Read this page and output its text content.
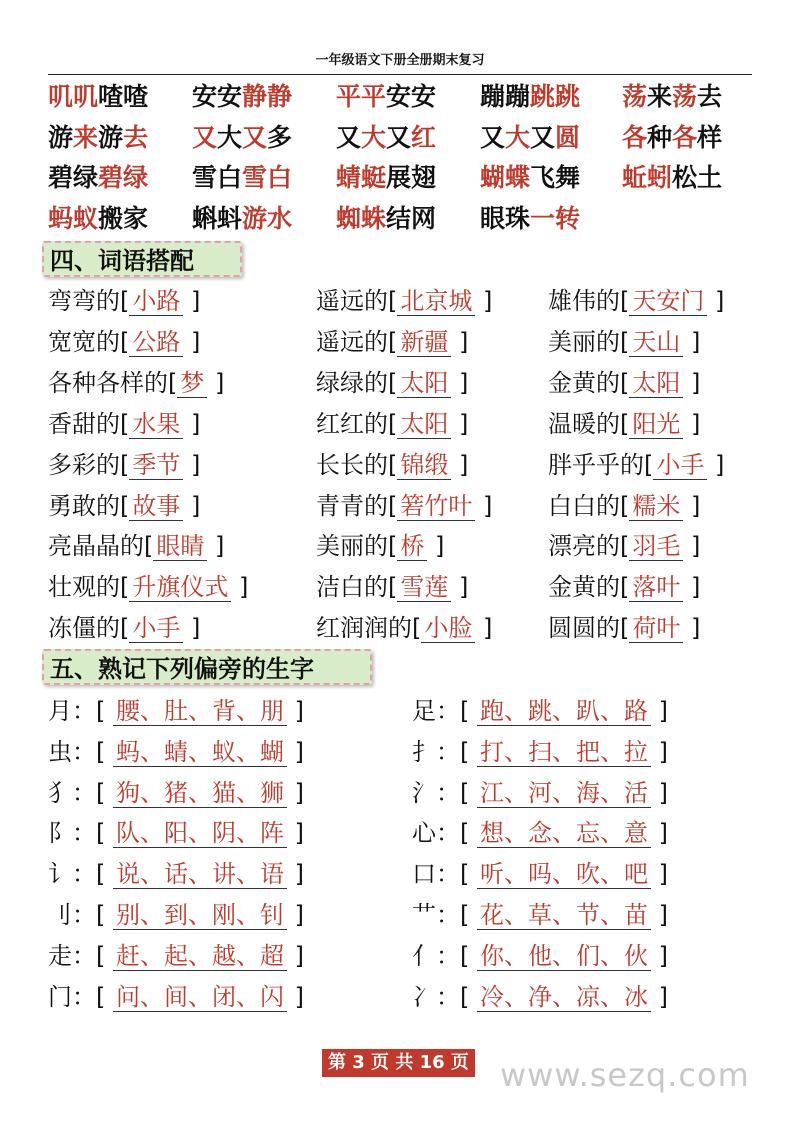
一年级语文下册全册期末复习
叽叽喳喳 安安静静 平平安安 蹦蹦跳跳 荡来荡去
游来游去 又大又多 又大又红 又大又圆 各种各样
碧绿碧绿 雪白雪白 蜻蜓展翅 蝴蝶飞舞 蚯蚓松土
蚂蚁搬家 蝌蚪游水 蜘蛛结网 眼珠一转
四、词语搭配
弯弯的[ 小路 ]	遥远的[ 北京城 ] 雄伟的[ 天安门 ]
宽宽的[ 公路 ]	遥远的[ 新疆 ]	美丽的[ 天山 ]
各种各样的[ 梦 ]	绿绿的[ 太阳 ]	金黄的[ 太阳 ]
香甜的[ 水果 ]	红红的[ 太阳 ]	温暖的[ 阳光 ]
多彩的[ 季节 ]	长长的[ 锦缎 ]	胖乎乎的[ 小手 ]
勇敢的[ 故事 ]	青青的[ 箬竹叶 ] 白白的[ 糯米 ]
亮晶晶的[ 眼睛 ]	美丽的[ 桥 ]	漂亮的[ 羽毛 ]
壮观的[ 升旗仪式 ]	洁白的[ 雪莲 ]	金黄的[ 落叶 ]
冻僵的[ 小手 ]	红润润的[ 小脸 ] 圆圆的[ 荷叶 ]
五、熟记下列偏旁的生字
月：[ 腰、肚、背、朋 ]	足：[ 跑、跳、趴、路 ]
虫：[ 蚂、蜻、蚁、蝴 ]	扌：[ 打、扫、把、拉 ]
犭：[ 狗、猪、猫、狮 ]	氵：[ 江、河、海、活 ]
阝：[ 队、阳、阴、阵 ]	心：[ 想、念、忘、意 ]
讠：[ 说、话、讲、语 ]	口：[ 听、吗、吹、吧 ]
刂：[ 别、到、刚、钊 ]	艹：[ 花、草、节、苗 ]
走：[ 赶、起、越、超 ]	亻：[ 你、他、们、伙 ]
门：[ 问、间、闭、闪 ]	冫：[ 冷、净、凉、冰 ]
第 3 页 共 16 页 www.sezq.com
